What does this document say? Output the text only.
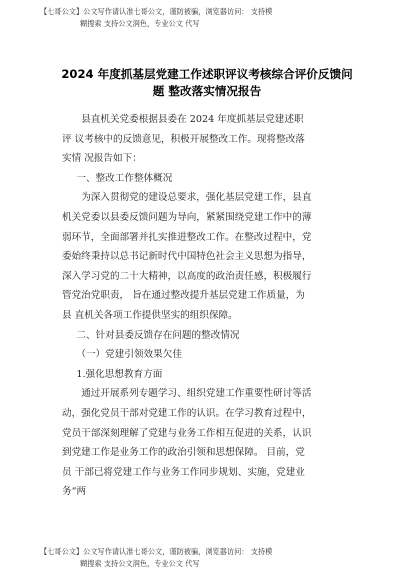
【七哥公文】公文写作请认准七哥公文，谨防被骗，浏览器访问： 支持模
糊搜索 支持公文润色，专业公文 代写
2024 年度抓基层党建工作述职评议考核综合评价反馈问
题 整改落实情况报告

县直机关党委根据县委在 2024 年度抓基层党建述职

评 议考核中的反馈意见，积极开展整改工作。现将整改落

实情 况报告如下：

一、整改工作整体概况

为深入贯彻党的建设总要求，强化基层党建工作，县直

机关党委以县委反馈问题为导向，紧紧围绕党建工作中的薄

弱环节，全面部署并扎实推进整改工作。在整改过程中，党

委始终秉持以总书记新时代中国特色社会主义思想为指导，

深入学习党的二十大精神，以高度的政治责任感，积极履行

管党治党职责， 旨在通过整改提升基层党建工作质量，为

县 直机关各项工作提供坚实的组织保障。

二、针对县委反馈存在问题的整改情况

（一）党建引领效果欠佳

1.强化思想教育方面

通过开展系列专题学习、组织党建工作重要性研讨等活

动，强化党员干部对党建工作的认识。在学习教育过程中，

党员干部深刻理解了党建与业务工作相互促进的关系，认识

到党建工作是业务工作的政治引领和思想保障。 目前，党

员 干部已将党建工作与业务工作同步规划、实施，党建业

务“两

【七哥公文】公文写作请认准七哥公文，谨防被骗，浏览器访问： 支持模
糊搜索 支持公文润色，专业公文 代写
